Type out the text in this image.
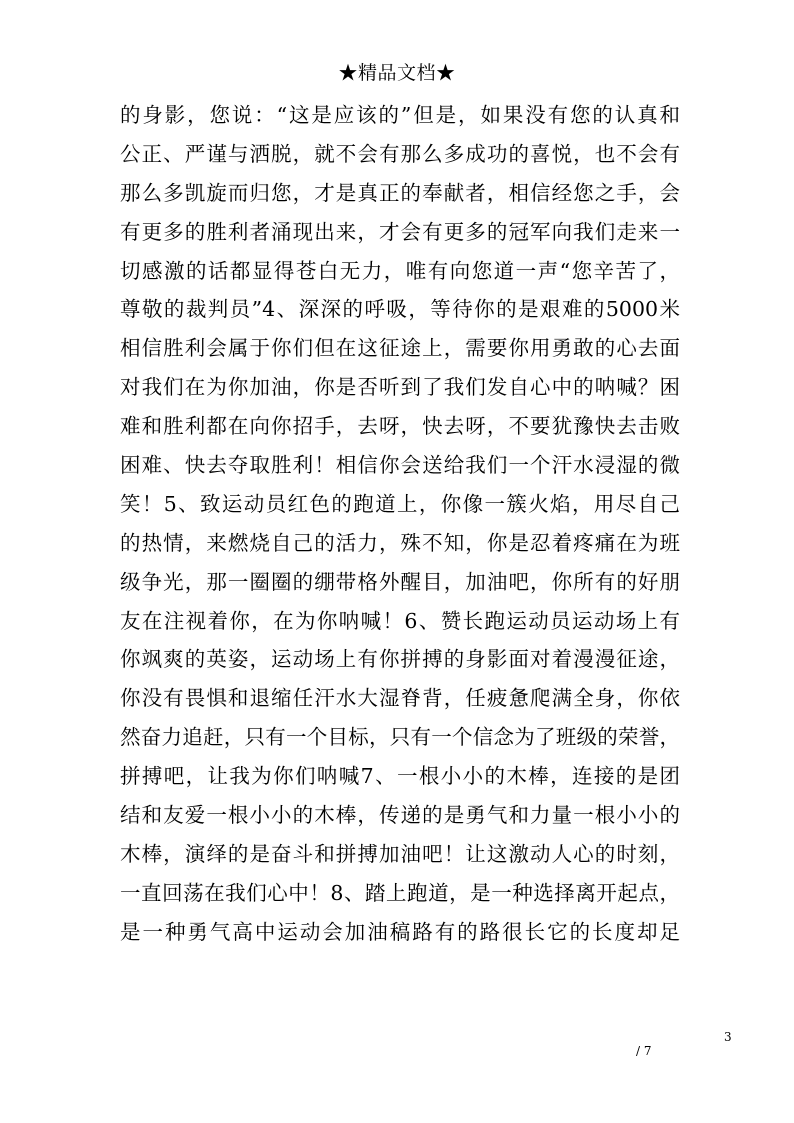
★精品文档★
的身影，您说：“这是应该的”但是，如果没有您的认真和
公正、严谨与洒脱，就不会有那么多成功的喜悦，也不会有
那么多凯旋而归您，才是真正的奉献者，相信经您之手，会
有更多的胜利者涌现出来，才会有更多的冠军向我们走来一
切感激的话都显得苍白无力，唯有向您道一声“您辛苦了，
尊敬的裁判员”4、深深的呼吸，等待你的是艰难的5000米
相信胜利会属于你们但在这征途上，需要你用勇敢的心去面
对我们在为你加油，你是否听到了我们发自心中的呐喊？困
难和胜利都在向你招手，去呀，快去呀，不要犹豫快去击败
困难、快去夺取胜利！相信你会送给我们一个汗水浸湿的微
笑！5、致运动员红色的跑道上，你像一簇火焰，用尽自己
的热情，来燃烧自己的活力，殊不知，你是忍着疼痛在为班
级争光，那一圈圈的绷带格外醒目，加油吧，你所有的好朋
友在注视着你，在为你呐喊！6、赞长跑运动员运动场上有
你飒爽的英姿，运动场上有你拼搏的身影面对着漫漫征途，
你没有畏惧和退缩任汗水大湿脊背，任疲惫爬满全身，你依
然奋力追赶，只有一个目标，只有一个信念为了班级的荣誉，
拼搏吧，让我为你们呐喊7、一根小小的木棒，连接的是团
结和友爱一根小小的木棒，传递的是勇气和力量一根小小的
木棒，演绎的是奋斗和拼搏加油吧！让这激动人心的时刻，
一直回荡在我们心中！8、踏上跑道，是一种选择离开起点，
是一种勇气高中运动会加油稿路有的路很长它的长度却足
3
/ 7
